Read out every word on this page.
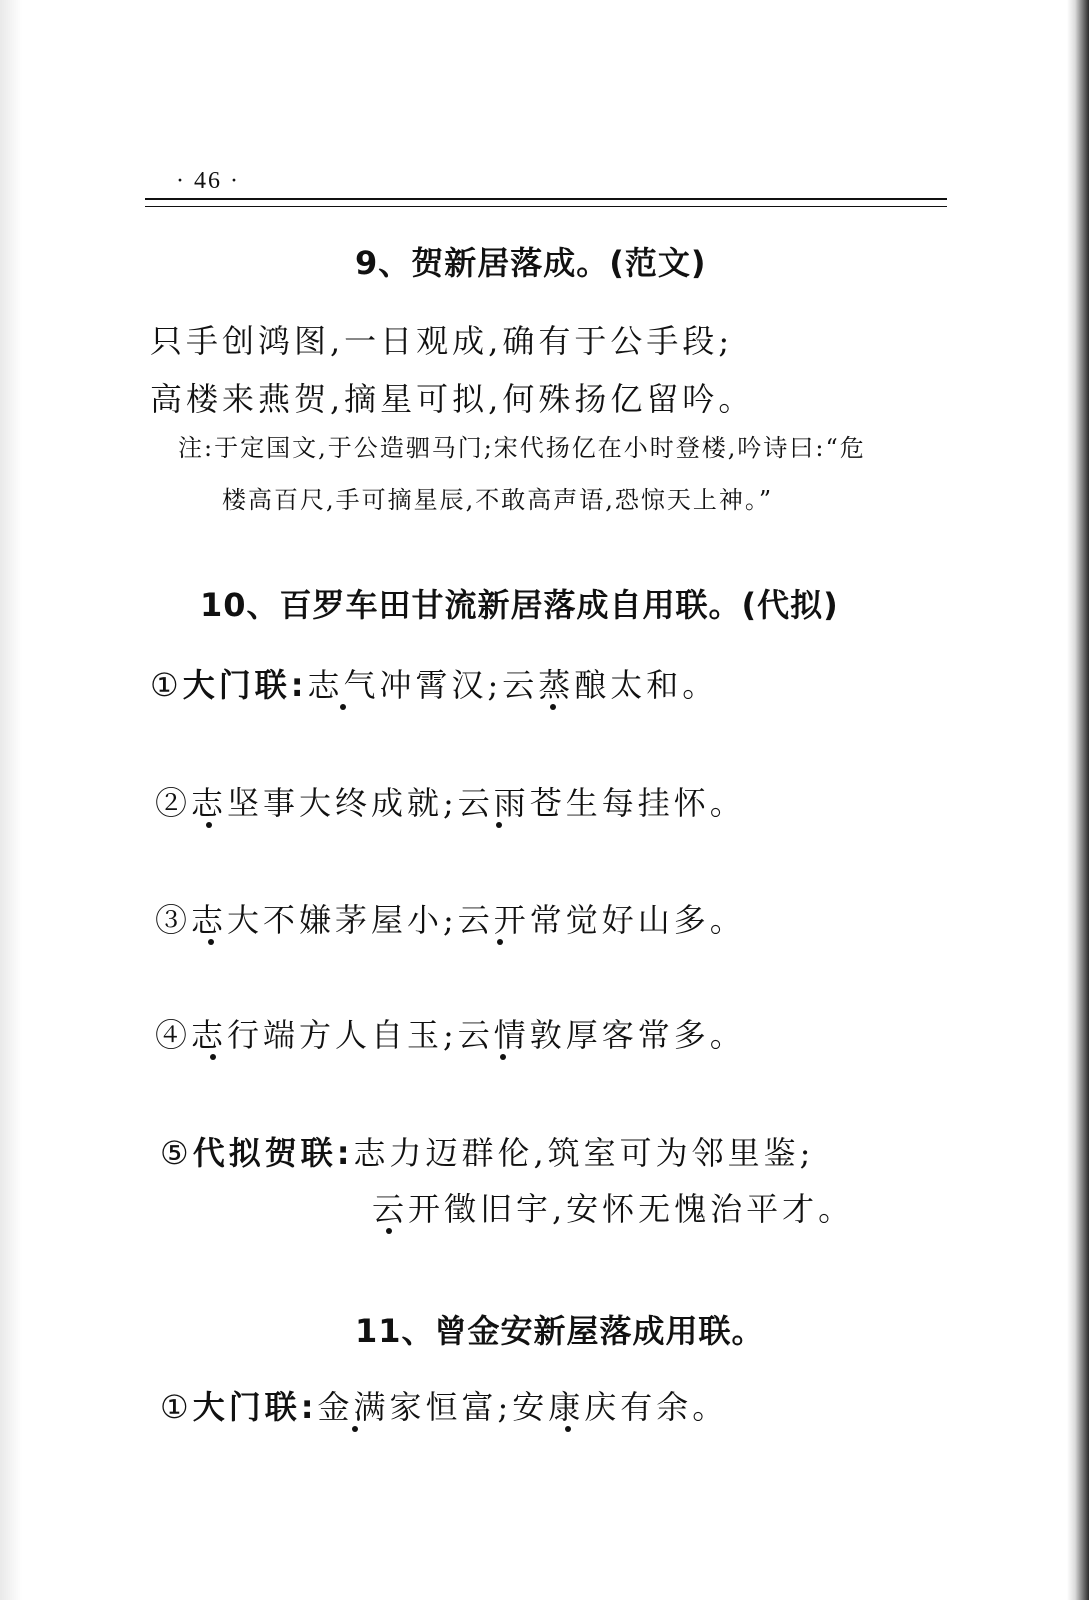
· 46 ·
9、贺新居落成。(范文)
只手创鸿图,一日观成,确有于公手段;
高楼来燕贺,摘星可拟,何殊扬亿留吟。
注:于定国文,于公造驷马门;宋代扬亿在小时登楼,吟诗曰:“危
楼高百尺,手可摘星辰,不敢高声语,恐惊天上神。”
10、百罗车田甘流新居落成自用联。(代拟)
①大门联:志气冲霄汉;云蒸酿太和。
②志坚事大终成就;云雨苍生每挂怀。
③志大不嫌茅屋小;云开常觉好山多。
④志行端方人自玉;云情敦厚客常多。
⑤代拟贺联:志力迈群伦,筑室可为邻里鉴;
云开徵旧宇,安怀无愧治平才。
11、曾金安新屋落成用联。
①大门联:金满家恒富;安康庆有余。
